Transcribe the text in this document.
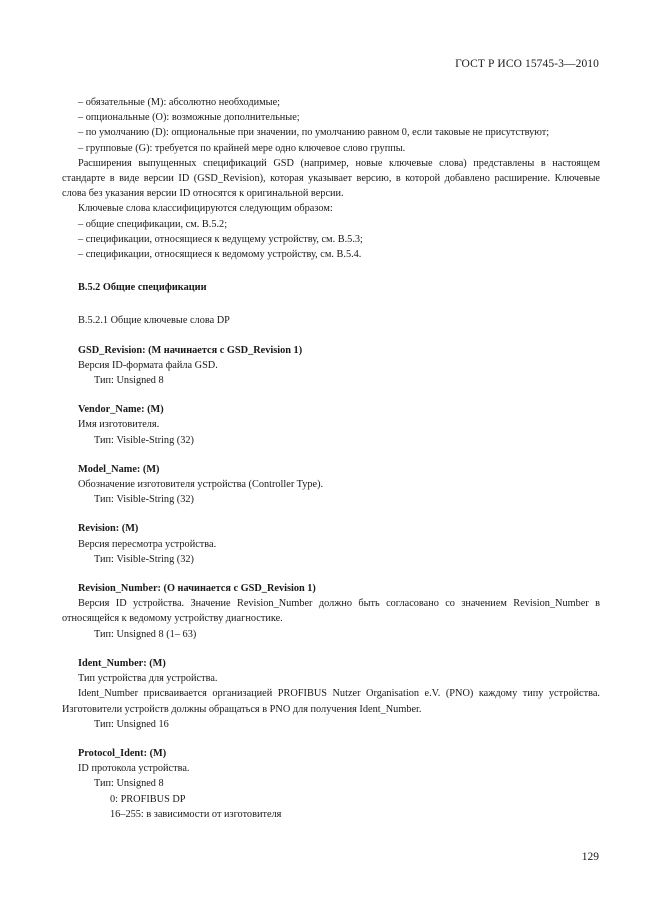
ГОСТ Р ИСО 15745-3—2010

– обязательные (M): абсолютно необходимые;

– опциональные (O): возможные дополнительные;

– по умолчанию (D): опциональные при значении, по умолчанию равном 0, если таковые не присутствуют;

– групповые (G): требуется по крайней мере одно ключевое слово группы.

Расширения выпущенных спецификаций GSD (например, новые ключевые слова) представлены в настоящем стандарте в виде версии ID (GSD_Revision), которая указывает версию, в которой добавлено расширение. Ключевые слова без указания версии ID относятся к оригинальной версии.

Ключевые слова классифицируются следующим образом:

– общие спецификации, см. В.5.2;

– спецификации, относящиеся к ведущему устройству, см. В.5.3;

– спецификации, относящиеся к ведомому устройству, см. В.5.4.

В.5.2 Общие спецификации

В.5.2.1 Общие ключевые слова DP

GSD_Revision: (M начинается с GSD_Revision 1)

Версия ID-формата файла GSD.

Тип: Unsigned 8

Vendor_Name: (M)

Имя изготовителя.

Тип: Visible-String (32)

Model_Name: (M)

Обозначение изготовителя устройства (Controller Type).

Тип: Visible-String (32)

Revision: (M)

Версия пересмотра устройства.

Тип: Visible-String (32)

Revision_Number: (O начинается с GSD_Revision 1)

Версия ID устройства. Значение Revision_Number должно быть согласовано со значением Revision_Number в относящейся к ведомому устройству диагностике.

Тип: Unsigned 8 (1– 63)

Ident_Number: (M)

Тип устройства для устройства.

Ident_Number присваивается организацией PROFIBUS Nutzer Organisation e.V. (PNO) каждому типу устройства. Изготовители устройств должны обращаться в PNO для получения Ident_Number.

Тип: Unsigned 16

Protocol_Ident: (M)

ID протокола устройства.

Тип: Unsigned 8

0: PROFIBUS DP

16–255: в зависимости от изготовителя

129
